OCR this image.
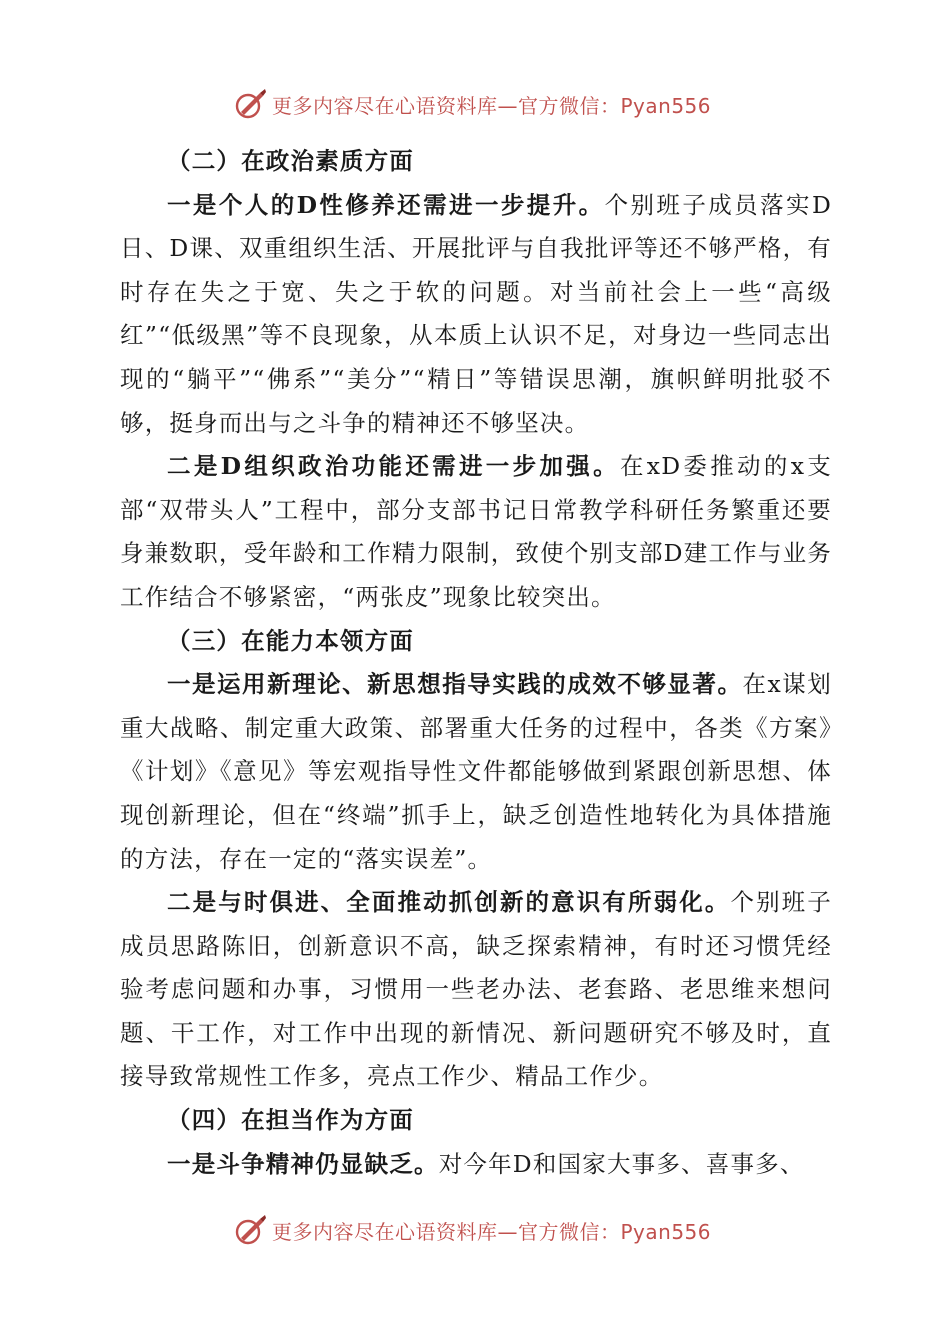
更多内容尽在心语资料库—官方微信：Pyan556

（二）在政治素质方面

一是个人的D性修养还需进一步提升。个别班子成员落实D日、D课、双重组织生活、开展批评与自我批评等还不够严格，有时存在失之于宽、失之于软的问题。对当前社会上一些“高级红”“低级黑”等不良现象，从本质上认识不足，对身边一些同志出现的“躺平”“佛系”“美分”“精日”等错误思潮，旗帜鲜明批驳不够，挺身而出与之斗争的精神还不够坚决。

二是D组织政治功能还需进一步加强。在xD委推动的x支部“双带头人”工程中，部分支部书记日常教学科研任务繁重还要身兼数职，受年龄和工作精力限制，致使个别支部D建工作与业务工作结合不够紧密，“两张皮”现象比较突出。

（三）在能力本领方面

一是运用新理论、新思想指导实践的成效不够显著。在x谋划重大战略、制定重大政策、部署重大任务的过程中，各类《方案》《计划》《意见》等宏观指导性文件都能够做到紧跟创新思想、体现创新理论，但在“终端”抓手上，缺乏创造性地转化为具体措施的方法，存在一定的“落实误差”。

二是与时俱进、全面推动抓创新的意识有所弱化。个别班子成员思路陈旧，创新意识不高，缺乏探索精神，有时还习惯凭经验考虑问题和办事，习惯用一些老办法、老套路、老思维来想问题、干工作，对工作中出现的新情况、新问题研究不够及时，直接导致常规性工作多，亮点工作少、精品工作少。

（四）在担当作为方面

一是斗争精神仍显缺乏。对今年D和国家大事多、喜事多、

更多内容尽在心语资料库—官方微信：Pyan556
